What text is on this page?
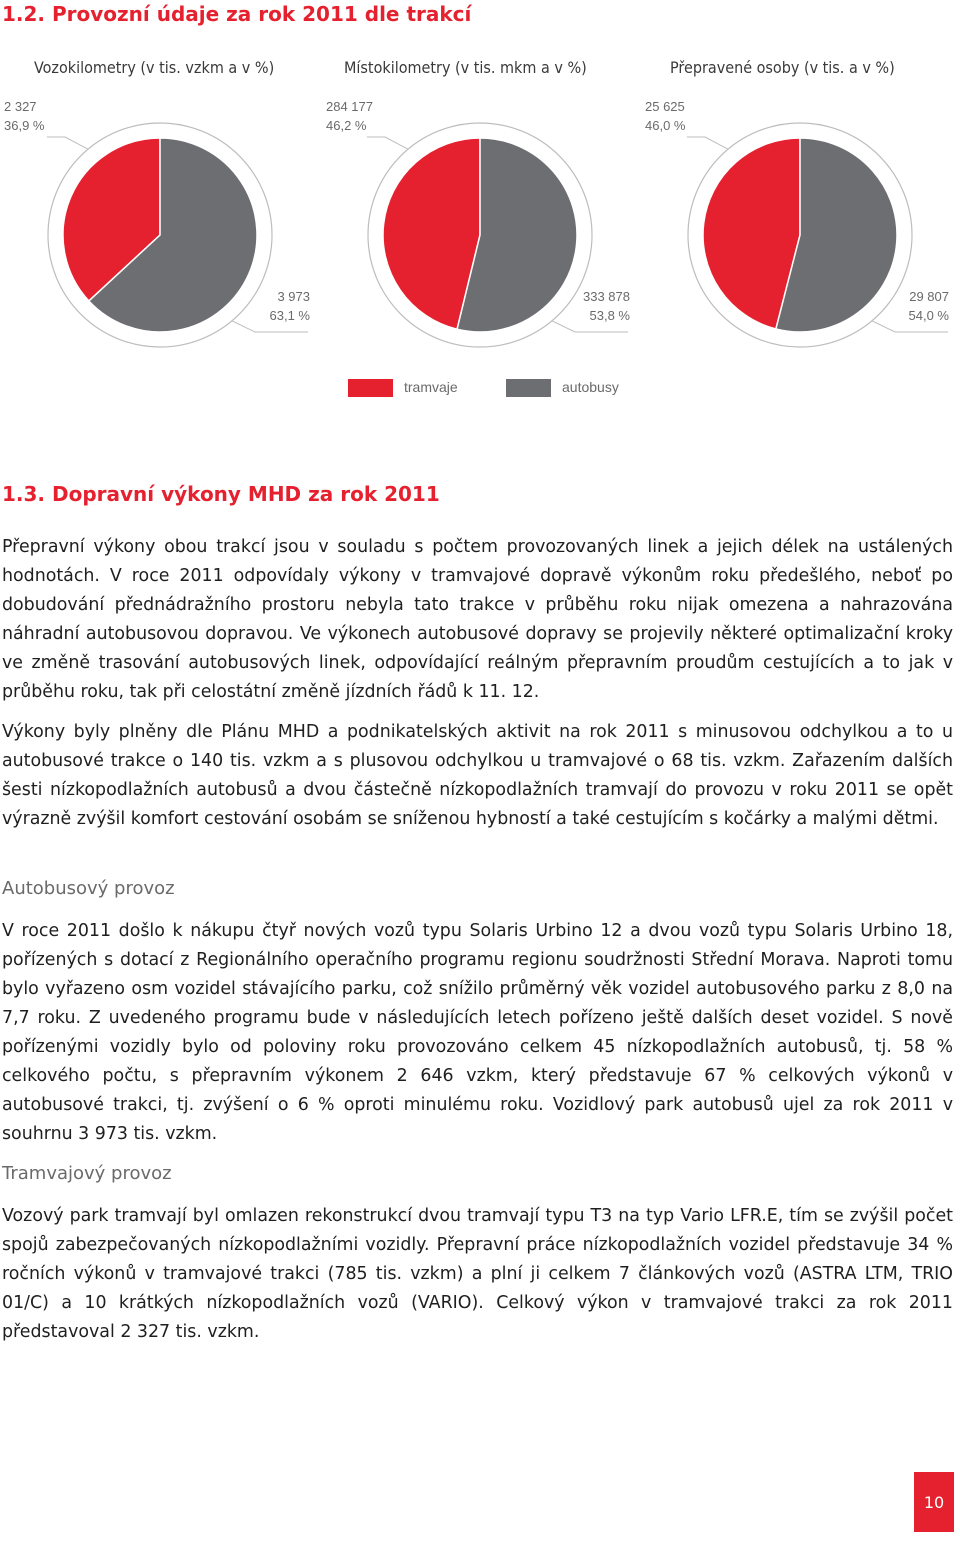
1.2. Provozní údaje za rok 2011 dle trakcí
Vozokilometry (v tis. vzkm a v %)	Místokilometry (v tis. mkm a v %)	Přepravené osoby (v tis. a v %)
2 327
36,9 %
284 177
46,2 %
25 625
46,0 %
3 973
63,1 %
333 878
53,8 %
29 807
54,0 %
tramvaje	autobusy
1.3. Dopravní výkony MHD za rok 2011

Přepravní výkony obou trakcí jsou v souladu s počtem provozovaných linek a jejich délek na ustálených hodnotách. V roce 2011 odpovídaly výkony v tramvajové dopravě výkonům roku předešlého, neboť po dobudování přednádražního prostoru nebyla tato trakce v průběhu roku nijak omezena a nahrazována náhradní autobusovou dopravou. Ve výkonech autobusové dopravy se projevily některé optimalizační kroky ve změně trasování autobusových linek, odpovídající reálným přepravním proudům cestujících a to jak v průběhu roku, tak při celostátní změně jízdních řádů k 11. 12.

Výkony byly plněny dle Plánu MHD a podnikatelských aktivit na rok 2011 s minusovou odchylkou a to u autobusové trakce o 140 tis. vzkm a s plusovou odchylkou u tramvajové o 68 tis. vzkm. Zařazením dalších šesti nízkopodlažních autobusů a dvou částečně nízkopodlažních tramvají do provozu v roku 2011 se opět výrazně zvýšil komfort cestování osobám se sníženou hybností a také cestujícím s kočárky a malými dětmi.

Autobusový provoz

V roce 2011 došlo k nákupu čtyř nových vozů typu Solaris Urbino 12 a dvou vozů typu Solaris Urbino 18, pořízených s dotací z Regionálního operačního programu regionu soudržnosti Střední Morava. Naproti tomu bylo vyřazeno osm vozidel stávajícího parku, což snížilo průměrný věk vozidel autobusového parku z 8,0 na 7,7 roku. Z uvedeného programu bude v následujících letech pořízeno ještě dalších deset vozidel. S nově pořízenými vozidly bylo od poloviny roku provozováno celkem 45 nízkopodlažních autobusů, tj. 58 % celkového počtu, s přepravním výkonem 2 646 vzkm, který představuje 67 % celkových výkonů v autobusové trakci, tj. zvýšení o 6 % oproti minulému roku. Vozidlový park autobusů ujel za rok 2011 v souhrnu 3 973 tis. vzkm.

Tramvajový provoz

Vozový park tramvají byl omlazen rekonstrukcí dvou tramvají typu T3 na typ Vario LFR.E, tím se zvýšil počet spojů zabezpečovaných nízkopodlažními vozidly. Přepravní práce nízkopodlažních vozidel představuje 34 % ročních výkonů v tramvajové trakci (785 tis. vzkm) a plní ji celkem 7 článkových vozů (ASTRA LTM, TRIO 01/C) a 10 krátkých nízkopodlažních vozů (VARIO). Celkový výkon v tramvajové trakci za rok 2011 představoval 2 327 tis. vzkm.

10
